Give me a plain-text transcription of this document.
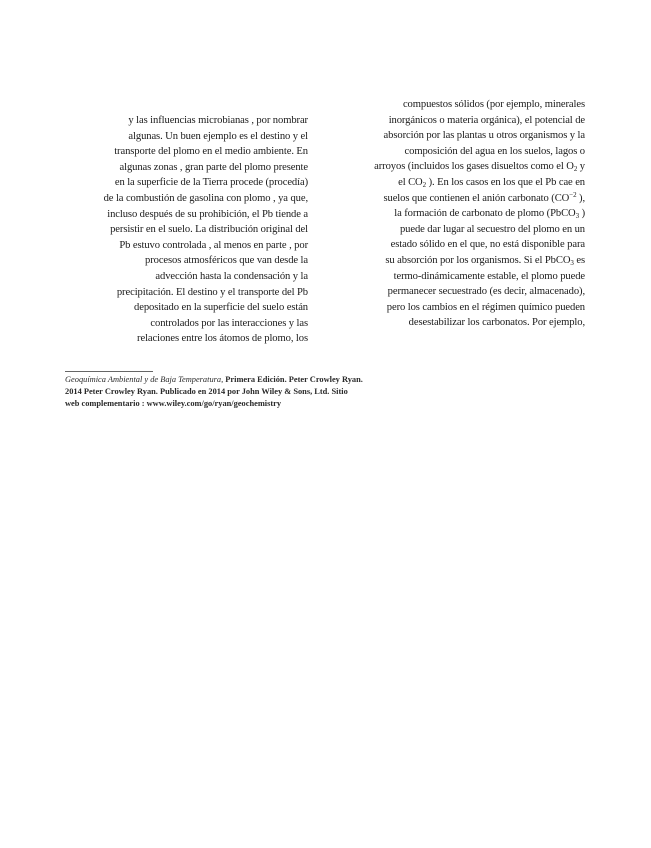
y las influencias microbianas , por nombrar
algunas. Un buen ejemplo es el destino y el
transporte del plomo en el medio ambiente. En
algunas zonas , gran parte del plomo presente
en la superficie de la Tierra procede (procedía)
de la combustión de gasolina con plomo , ya que,
incluso después de su prohibición, el Pb tiende a
persistir en el suelo. La distribución original del
Pb estuvo controlada , al menos en parte , por
procesos atmosféricos que van desde la
advección hasta la condensación y la
precipitación. El destino y el transporte del Pb
depositado en la superficie del suelo están
controlados por las interacciones y las
relaciones entre los átomos de plomo, los
compuestos sólidos (por ejemplo, minerales
inorgánicos o materia orgánica), el potencial de
absorción por las plantas u otros organismos y la
composición del agua en los suelos, lagos o
arroyos (incluidos los gases disueltos como el $O_2$ y
el $CO_2$ ). En los casos en los que el Pb cae en
suelos que contienen el anión carbonato ($CO^{-2}$ ),
la formación de carbonato de plomo (PbCO$_3$ )
puede dar lugar al secuestro del plomo en un
estado sólido en el que, no está disponible para
su absorción por los organismos. Si el PbCO$_3$ es
termo-dinámicamente estable, el plomo puede
permanecer secuestrado (es decir, almacenado),
pero los cambios en el régimen químico pueden
desestabilizar los carbonatos. Por ejemplo,
Geoquímica Ambiental y de Baja Temperatura, Primera Edición. Peter Crowley Ryan.
2014 Peter Crowley Ryan. Publicado en 2014 por John Wiley & Sons, Ltd. Sitio
web complementario : www.wiley.com/go/ryan/geochemistry
